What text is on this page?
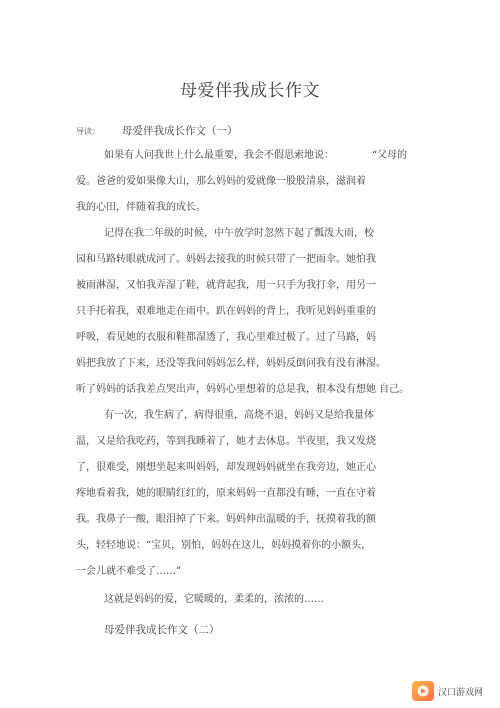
母爱伴我成长作文
导读： 母爱伴我成长作文（一）
如果有人问我世上什么最重要，我会不假思索地说：	“父母的
爱。爸爸的爱如果像大山，那么妈妈的爱就像一股股清泉，滋润着
我的心田，伴随着我的成长。
记得在我二年级的时候，中午放学时忽然下起了瓢泼大雨，校
园和马路转眼就成河了。妈妈去接我的时候只带了一把雨伞。她怕我
被雨淋湿，又怕我弄湿了鞋，就背起我，用一只手为我打伞，用另一
只手托着我，艰难地走在雨中。趴在妈妈的背上，我听见妈妈重重的
呼吸，看见她的衣服和鞋都湿透了，我心里难过极了。过了马路，妈
妈把我放了下来，还没等我问妈妈怎么样，妈妈反倒问我有没有淋湿。
听了妈妈的话我差点哭出声，妈妈心里想着的总是我，根本没有想她 自己。
有一次，我生病了，病得很重，高烧不退，妈妈又是给我量体
温，又是给我吃药，等到我睡着了，她才去休息。半夜里，我又发烧
了，很难受，刚想坐起来叫妈妈，却发现妈妈就坐在我旁边，她正心
疼地看着我，她的眼睛红红的，原来妈妈一直都没有睡，一直在守着
我。我鼻子一酸，眼泪掉了下来。妈妈伸出温暖的手，抚摸着我的额
头，轻轻地说：“宝贝，别怕，妈妈在这儿，妈妈摸着你的小额头，
一会儿就不难受了……”
这就是妈妈的爱，它暖暖的，柔柔的，浓浓的……
母爱伴我成长作文（二）
汉口游戏网
